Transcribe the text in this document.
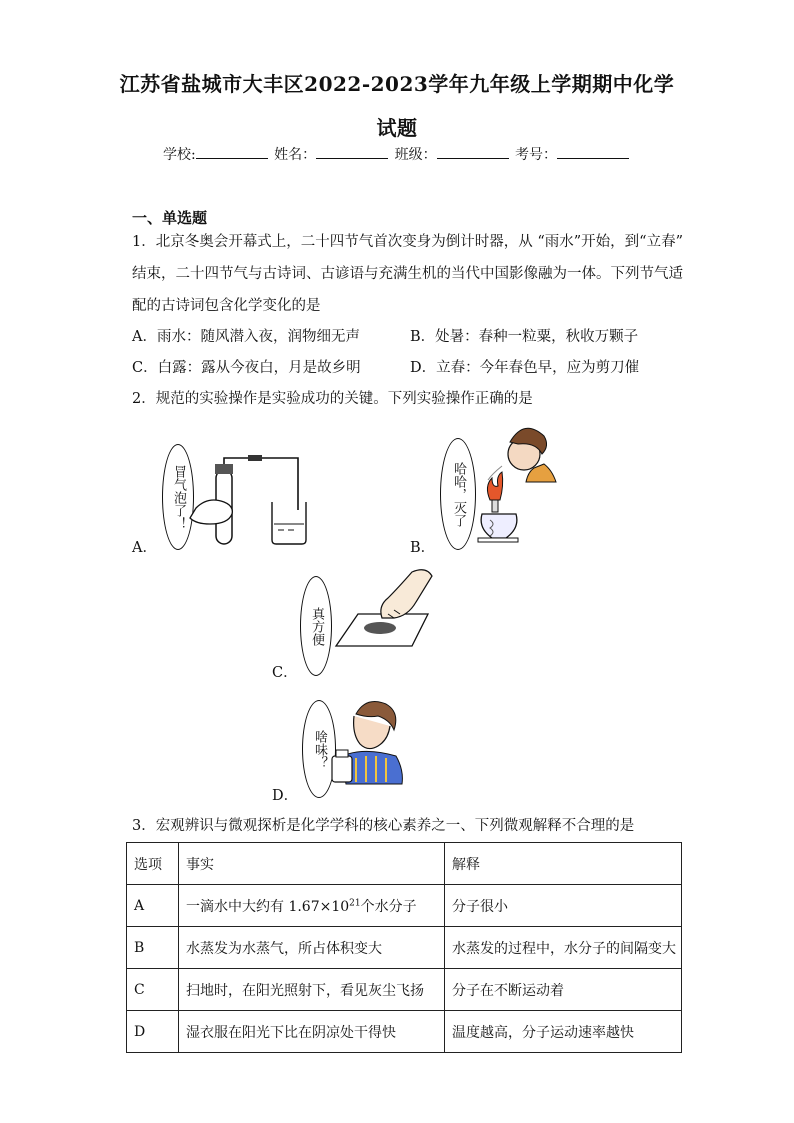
江苏省盐城市大丰区2022-2023学年九年级上学期期中化学
试题
学校:	姓名：	班级：	考号：
一、单选题
1．北京冬奥会开幕式上，二十四节气首次变身为倒计时器，从 “雨水”开始，到“立春”
结束，二十四节气与古诗词、古谚语与充满生机的当代中国影像融为一体。下列节气适
配的古诗词包含化学变化的是
A．雨水：随风潜入夜，润物细无声	B．处暑：春种一粒粟，秋收万颗子
C．白露：露从今夜白，月是故乡明	D．立春：今年春色早，应为剪刀催
2．规范的实验操作是实验成功的关键。下列实验操作正确的是
A．
冒气泡了！
B．
哈哈，灭了
C．
真方便
D．
啥味？
3．宏观辨识与微观探析是化学学科的核心素养之一、下列微观解释不合理的是
选项	事实	解释
A	一滴水中大约有 $1.67\times 10^{21}$个水分子	分子很小
B	水蒸发为水蒸气，所占体积变大	水蒸发的过程中，水分子的间隔变大
C	扫地时，在阳光照射下，看见灰尘飞扬	分子在不断运动着
D	湿衣服在阳光下比在阴凉处干得快	温度越高，分子运动速率越快
